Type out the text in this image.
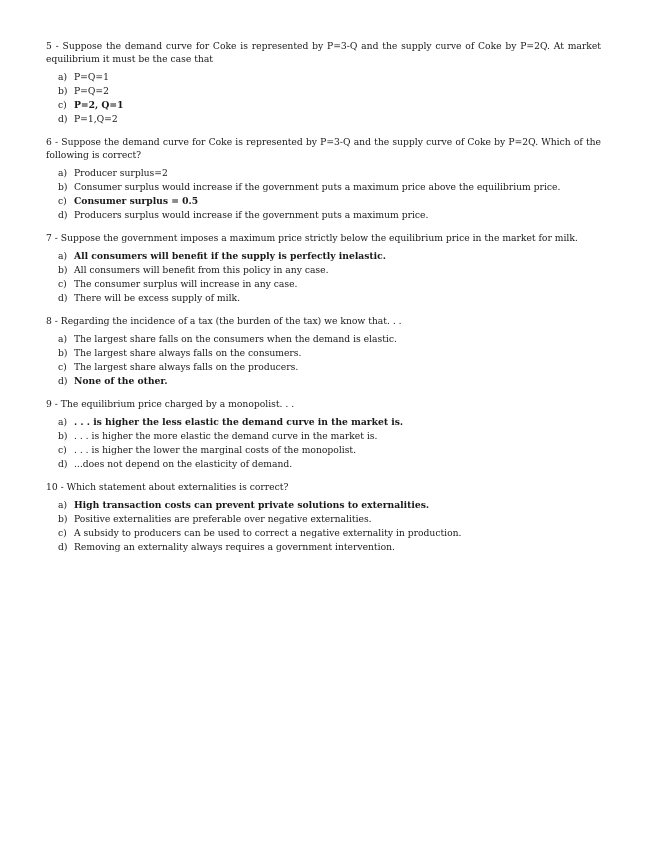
5 - Suppose the demand curve for Coke is represented by P=3-Q and the supply curve of Coke by P=2Q. At market equilibrium it must be the case that

a) P=Q=1
b) P=Q=2
c) P=2, Q=1
d) P=1,Q=2

6 - Suppose the demand curve for Coke is represented by P=3-Q and the supply curve of Coke by P=2Q. Which of the following is correct?

a) Producer surplus=2
b) Consumer surplus would increase if the government puts a maximum price above the equilibrium price.
c) Consumer surplus = 0.5
d) Producers surplus would increase if the government puts a maximum price.

7 - Suppose the government imposes a maximum price strictly below the equilibrium price in the market for milk.

a) All consumers will benefit if the supply is perfectly inelastic.
b) All consumers will benefit from this policy in any case.
c) The consumer surplus will increase in any case.
d) There will be excess supply of milk.

8 - Regarding the incidence of a tax (the burden of the tax) we know that. . .

a) The largest share falls on the consumers when the demand is elastic.
b) The largest share always falls on the consumers.
c) The largest share always falls on the producers.
d) None of the other.

9 - The equilibrium price charged by a monopolist. . .

a) . . . is higher the less elastic the demand curve in the market is.
b) . . . is higher the more elastic the demand curve in the market is.
c) . . . is higher the lower the marginal costs of the monopolist.
d) ...does not depend on the elasticity of demand.

10 - Which statement about externalities is correct?

a) High transaction costs can prevent private solutions to externalities.
b) Positive externalities are preferable over negative externalities.
c) A subsidy to producers can be used to correct a negative externality in production.
d) Removing an externality always requires a government intervention.
